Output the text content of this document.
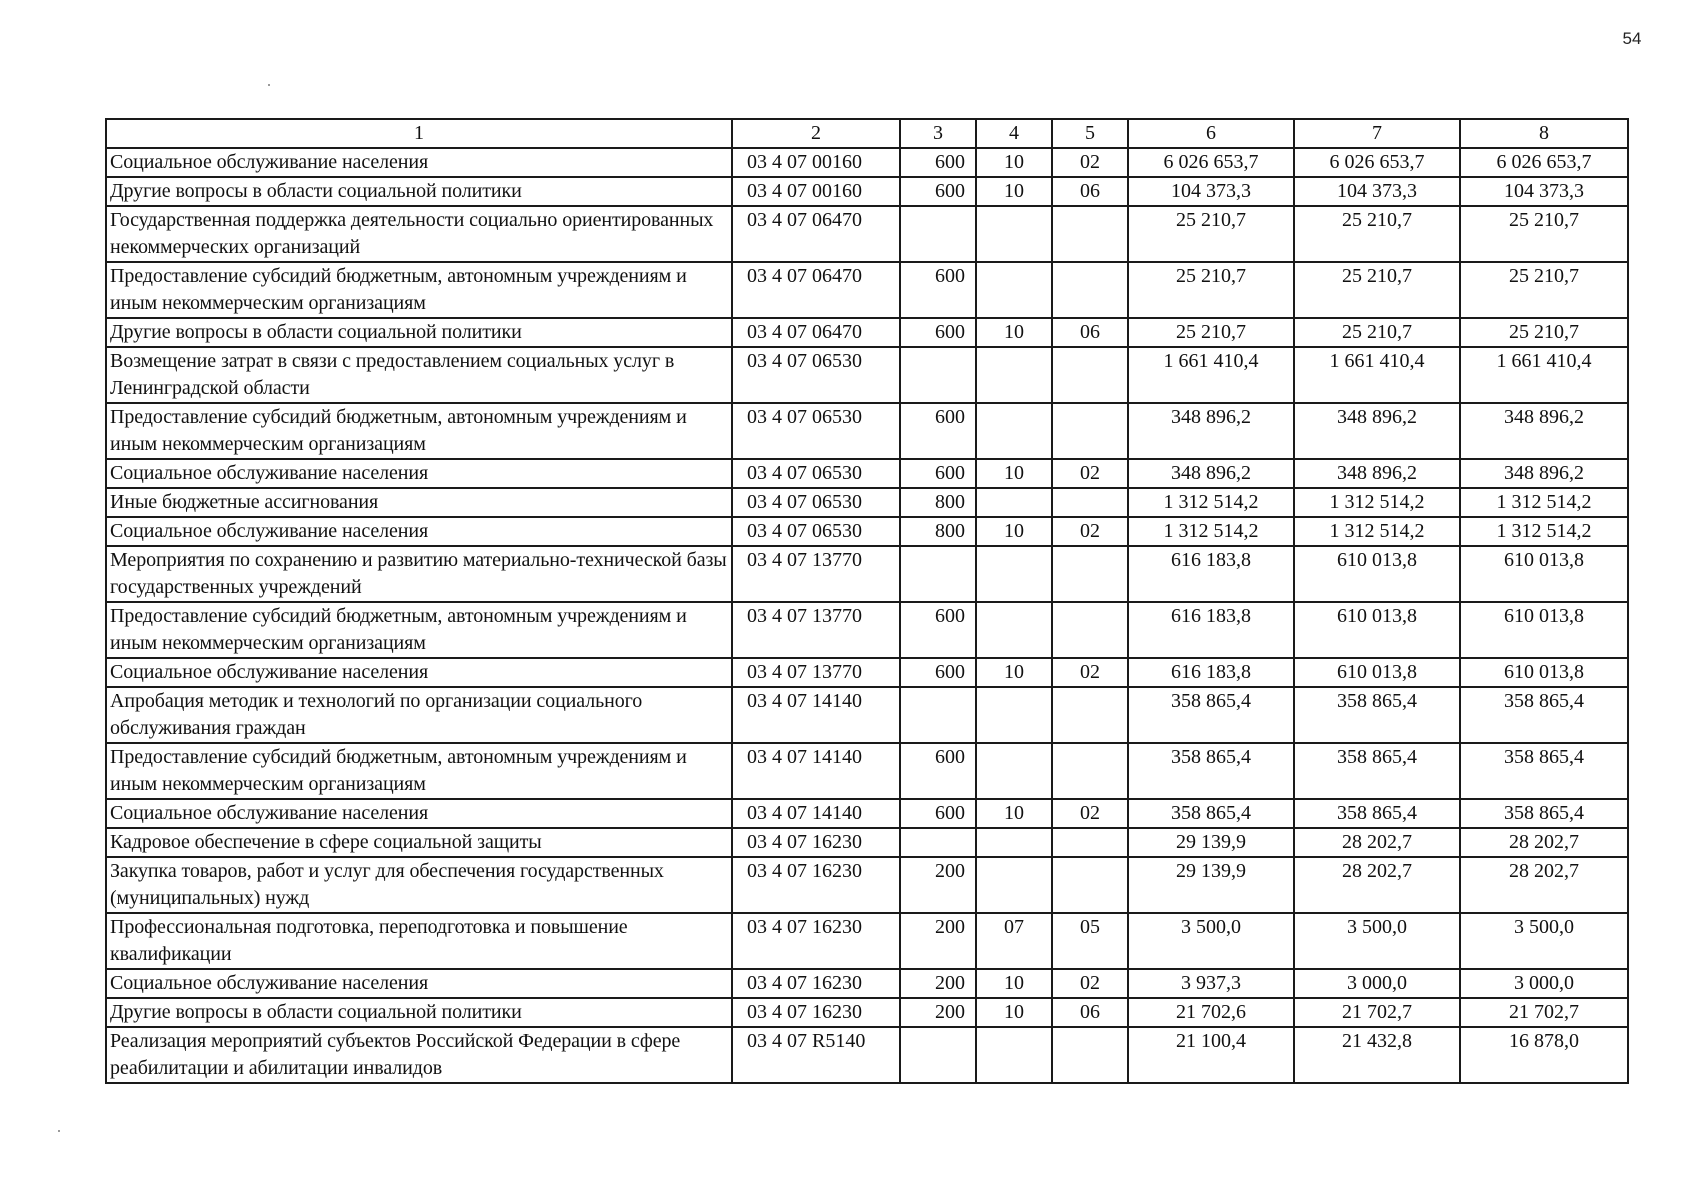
54
1	2	3	4	5	6	7	8
Социальное обслуживание населения	03 4 07 00160	600	10	02	6 026 653,7	6 026 653,7	6 026 653,7
Другие вопросы в области социальной политики	03 4 07 00160	600	10	06	104 373,3	104 373,3	104 373,3
Государственная поддержка деятельности социально ориентированных некоммерческих организаций	03 4 07 06470				25 210,7	25 210,7	25 210,7
Предоставление субсидий бюджетным, автономным учреждениям и иным некоммерческим организациям	03 4 07 06470	600			25 210,7	25 210,7	25 210,7
Другие вопросы в области социальной политики	03 4 07 06470	600	10	06	25 210,7	25 210,7	25 210,7
Возмещение затрат в связи с предоставлением социальных услуг в Ленинградской области	03 4 07 06530				1 661 410,4	1 661 410,4	1 661 410,4
Предоставление субсидий бюджетным, автономным учреждениям и иным некоммерческим организациям	03 4 07 06530	600			348 896,2	348 896,2	348 896,2
Социальное обслуживание населения	03 4 07 06530	600	10	02	348 896,2	348 896,2	348 896,2
Иные бюджетные ассигнования	03 4 07 06530	800			1 312 514,2	1 312 514,2	1 312 514,2
Социальное обслуживание населения	03 4 07 06530	800	10	02	1 312 514,2	1 312 514,2	1 312 514,2
Мероприятия по сохранению и развитию материально-технической базы государственных учреждений	03 4 07 13770				616 183,8	610 013,8	610 013,8
Предоставление субсидий бюджетным, автономным учреждениям и иным некоммерческим организациям	03 4 07 13770	600			616 183,8	610 013,8	610 013,8
Социальное обслуживание населения	03 4 07 13770	600	10	02	616 183,8	610 013,8	610 013,8
Апробация методик и технологий по организации социального обслуживания граждан	03 4 07 14140				358 865,4	358 865,4	358 865,4
Предоставление субсидий бюджетным, автономным учреждениям и иным некоммерческим организациям	03 4 07 14140	600			358 865,4	358 865,4	358 865,4
Социальное обслуживание населения	03 4 07 14140	600	10	02	358 865,4	358 865,4	358 865,4
Кадровое обеспечение в сфере социальной защиты	03 4 07 16230				29 139,9	28 202,7	28 202,7
Закупка товаров, работ и услуг для обеспечения государственных (муниципальных) нужд	03 4 07 16230	200			29 139,9	28 202,7	28 202,7
Профессиональная подготовка, переподготовка и повышение квалификации	03 4 07 16230	200	07	05	3 500,0	3 500,0	3 500,0
Социальное обслуживание населения	03 4 07 16230	200	10	02	3 937,3	3 000,0	3 000,0
Другие вопросы в области социальной политики	03 4 07 16230	200	10	06	21 702,6	21 702,7	21 702,7
Реализация мероприятий субъектов Российской Федерации в сфере реабилитации и абилитации инвалидов	03 4 07 R5140				21 100,4	21 432,8	16 878,0
